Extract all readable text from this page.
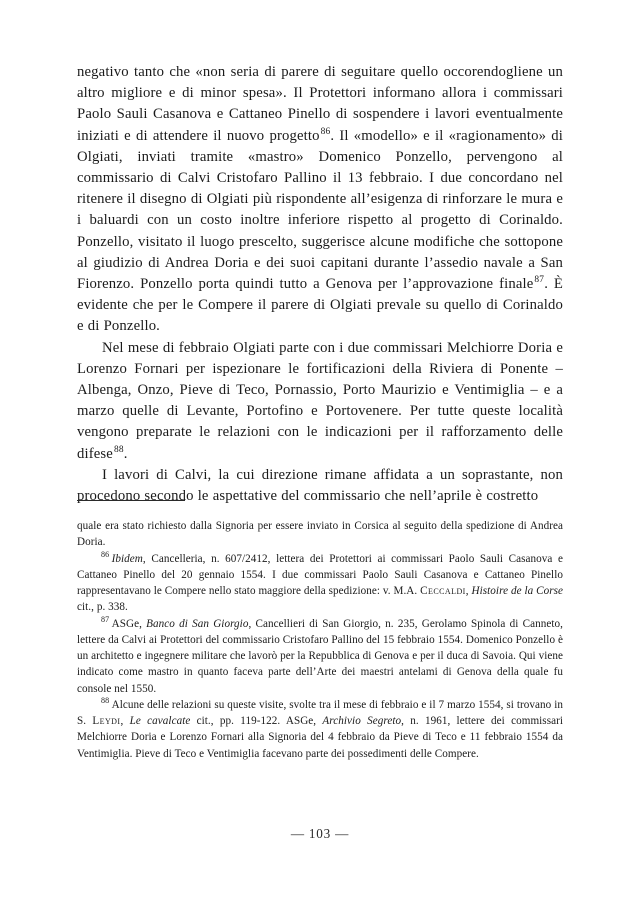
negativo tanto che «non seria di parere di seguitare quello occorendogliene un altro migliore e di minor spesa». Il Protettori informano allora i commissari Paolo Sauli Casanova e Cattaneo Pinello di sospendere i lavori eventualmente iniziati e di attendere il nuovo progetto$^{86}$. Il «modello» e il «ragionamento» di Olgiati, inviati tramite «mastro» Domenico Ponzello, pervengono al commissario di Calvi Cristofaro Pallino il 13 febbraio. I due concordano nel ritenere il disegno di Olgiati più rispondente all’esigenza di rinforzare le mura e i baluardi con un costo inoltre inferiore rispetto al progetto di Corinaldo. Ponzello, visitato il luogo prescelto, suggerisce alcune modifiche che sottopone al giudizio di Andrea Doria e dei suoi capitani durante l’assedio navale a San Fiorenzo. Ponzello porta quindi tutto a Genova per l’approvazione finale$^{87}$. È evidente che per le Compere il parere di Olgiati prevale su quello di Corinaldo e di Ponzello.

Nel mese di febbraio Olgiati parte con i due commissari Melchiorre Doria e Lorenzo Fornari per ispezionare le fortificazioni della Riviera di Ponente – Albenga, Onzo, Pieve di Teco, Pornassio, Porto Maurizio e Ventimiglia – e a marzo quelle di Levante, Portofino e Portovenere. Per tutte queste località vengono preparate le relazioni con le indicazioni per il rafforzamento delle difese$^{88}$.

I lavori di Calvi, la cui direzione rimane affidata a un soprastante, non procedono secondo le aspettative del commissario che nell’aprile è costretto

quale era stato richiesto dalla Signoria per essere inviato in Corsica al seguito della spedizione di Andrea Doria.

$^{86}$ Ibidem, Cancelleria, n. 607/2412, lettera dei Protettori ai commissari Paolo Sauli Casanova e Cattaneo Pinello del 20 gennaio 1554. I due commissari Paolo Sauli Casanova e Cattaneo Pinello rappresentavano le Compere nello stato maggiore della spedizione: v. M.A. Ceccaldi, Histoire de la Corse cit., p. 338.

$^{87}$ ASGe, Banco di San Giorgio, Cancellieri di San Giorgio, n. 235, Gerolamo Spinola di Canneto, lettere da Calvi ai Protettori del commissario Cristofaro Pallino del 15 febbraio 1554. Domenico Ponzello è un architetto e ingegnere militare che lavorò per la Repubblica di Genova e per il duca di Savoia. Qui viene indicato come mastro in quanto faceva parte dell’Arte dei maestri antelami di Genova della quale fu console nel 1550.

$^{88}$ Alcune delle relazioni su queste visite, svolte tra il mese di febbraio e il 7 marzo 1554, si trovano in S. Leydi, Le cavalcate cit., pp. 119-122. ASGe, Archivio Segreto, n. 1961, lettere dei commissari Melchiorre Doria e Lorenzo Fornari alla Signoria del 4 febbraio da Pieve di Teco e 11 febbraio 1554 da Ventimiglia. Pieve di Teco e Ventimiglia facevano parte dei possedimenti delle Compere.

— 103 —
